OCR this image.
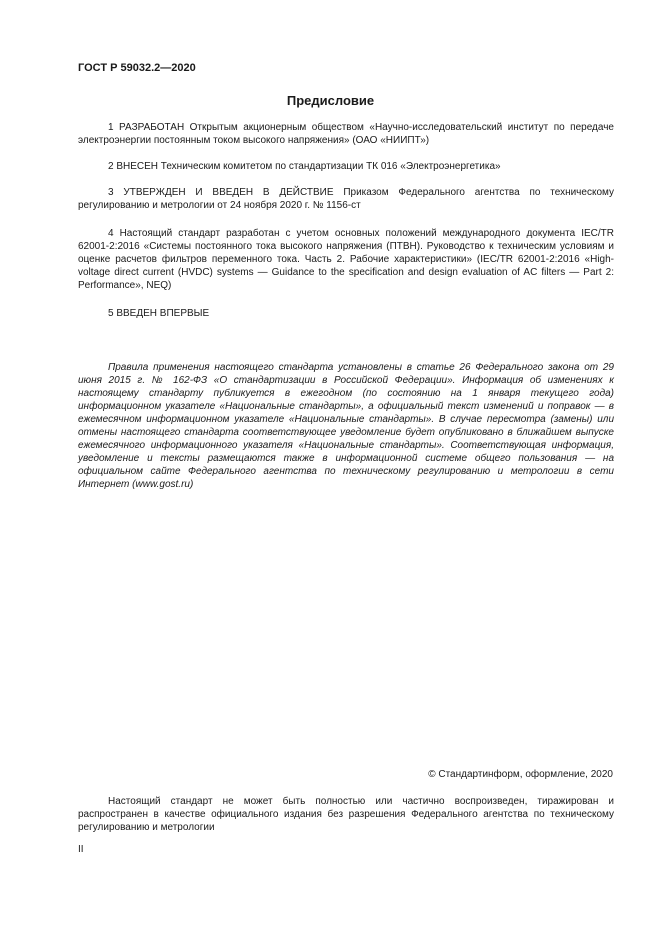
ГОСТ Р 59032.2—2020
Предисловие

1 РАЗРАБОТАН Открытым акционерным обществом «Научно-исследовательский институт по передаче электроэнергии постоянным током высокого напряжения» (ОАО «НИИПТ»)

2 ВНЕСЕН Техническим комитетом по стандартизации ТК 016 «Электроэнергетика»

3 УТВЕРЖДЕН И ВВЕДЕН В ДЕЙСТВИЕ Приказом Федерального агентства по техническому регулированию и метрологии от 24 ноября 2020 г. № 1156-ст

4 Настоящий стандарт разработан с учетом основных положений международного документа IEC/TR 62001-2:2016 «Системы постоянного тока высокого напряжения (ПТВН). Руководство к техническим условиям и оценке расчетов фильтров переменного тока. Часть 2. Рабочие характеристики» (IEC/TR 62001-2:2016 «High-voltage direct current (HVDC) systems — Guidance to the specification and design evaluation of AC filters — Part 2: Performance», NEQ)

5 ВВЕДЕН ВПЕРВЫЕ

Правила применения настоящего стандарта установлены в статье 26 Федерального закона от 29 июня 2015 г. № 162-ФЗ «О стандартизации в Российской Федерации». Информация об изменениях к настоящему стандарту публикуется в ежегодном (по состоянию на 1 января текущего года) информационном указателе «Национальные стандарты», а официальный текст изменений и поправок — в ежемесячном информационном указателе «Национальные стандарты». В случае пересмотра (замены) или отмены настоящего стандарта соответствующее уведомление будет опубликовано в ближайшем выпуске ежемесячного информационного указателя «Национальные стандарты». Соответствующая информация, уведомление и тексты размещаются также в информационной системе общего пользования — на официальном сайте Федерального агентства по техническому регулированию и метрологии в сети Интернет (www.gost.ru)

© Стандартинформ, оформление, 2020

Настоящий стандарт не может быть полностью или частично воспроизведен, тиражирован и распространен в качестве официального издания без разрешения Федерального агентства по техническому регулированию и метрологии

II
